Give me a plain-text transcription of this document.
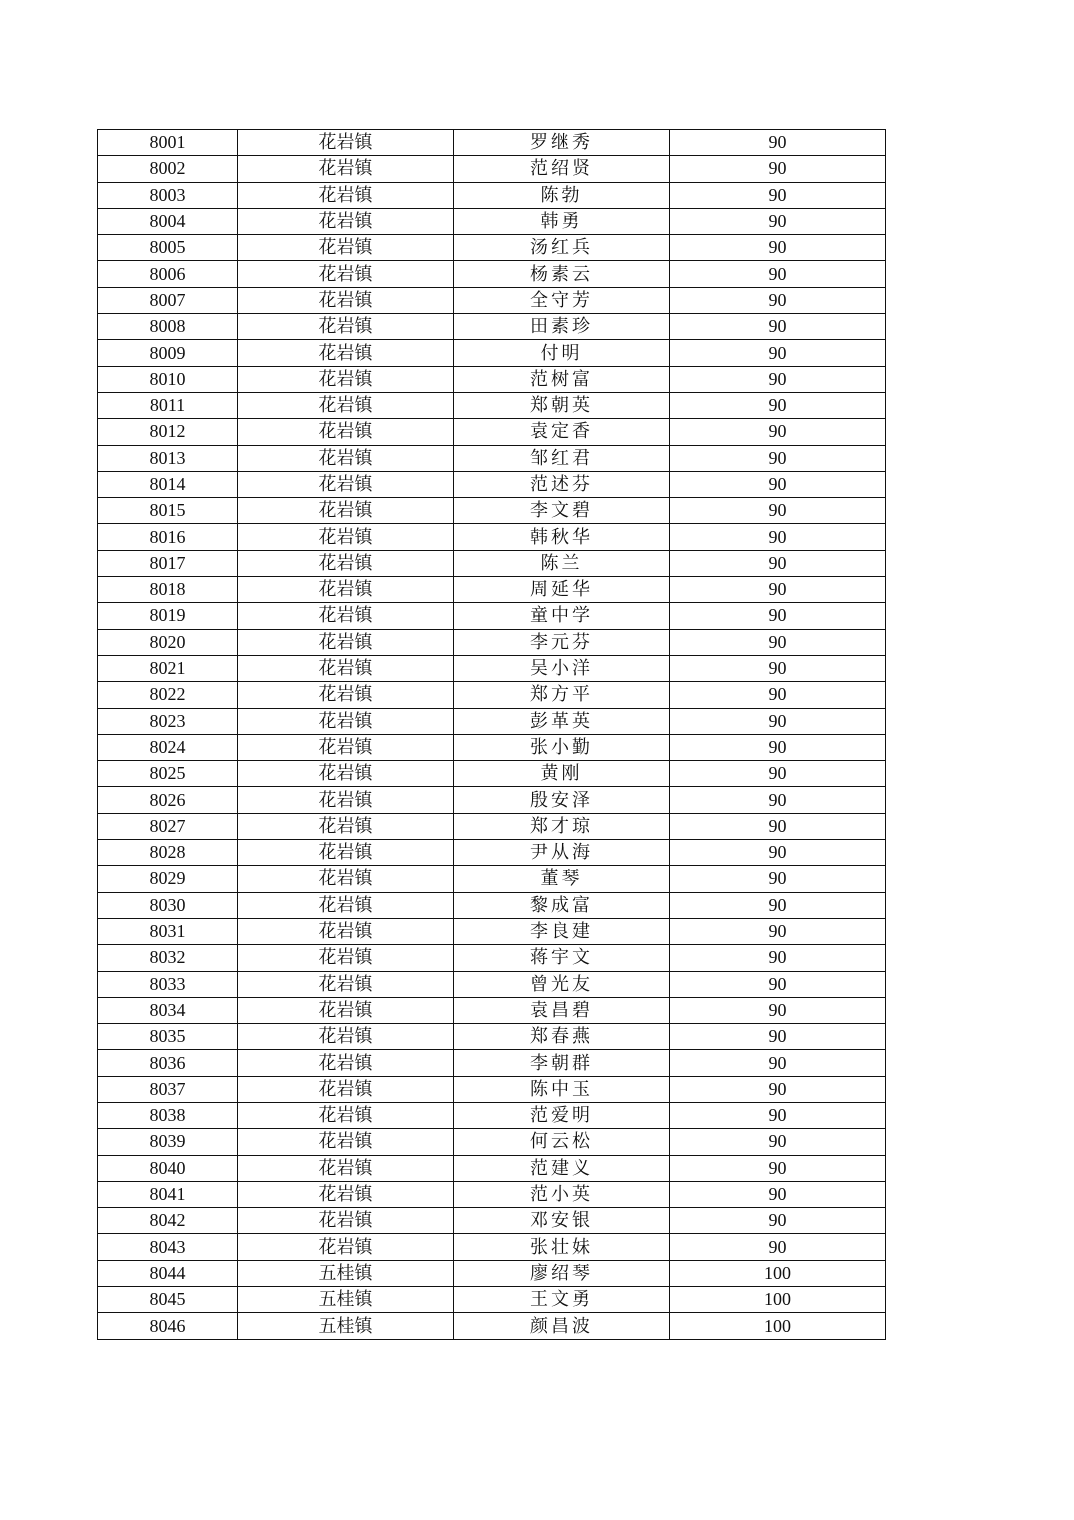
8001	花岩镇	罗继秀	90
8002	花岩镇	范绍贤	90
8003	花岩镇	陈勃	90
8004	花岩镇	韩勇	90
8005	花岩镇	汤红兵	90
8006	花岩镇	杨素云	90
8007	花岩镇	全守芳	90
8008	花岩镇	田素珍	90
8009	花岩镇	付明	90
8010	花岩镇	范树富	90
8011	花岩镇	郑朝英	90
8012	花岩镇	袁定香	90
8013	花岩镇	邹红君	90
8014	花岩镇	范述芬	90
8015	花岩镇	李文碧	90
8016	花岩镇	韩秋华	90
8017	花岩镇	陈兰	90
8018	花岩镇	周延华	90
8019	花岩镇	童中学	90
8020	花岩镇	李元芬	90
8021	花岩镇	吴小洋	90
8022	花岩镇	郑方平	90
8023	花岩镇	彭革英	90
8024	花岩镇	张小勤	90
8025	花岩镇	黄刚	90
8026	花岩镇	殷安泽	90
8027	花岩镇	郑才琼	90
8028	花岩镇	尹从海	90
8029	花岩镇	董琴	90
8030	花岩镇	黎成富	90
8031	花岩镇	李良建	90
8032	花岩镇	蒋宇文	90
8033	花岩镇	曾光友	90
8034	花岩镇	袁昌碧	90
8035	花岩镇	郑春燕	90
8036	花岩镇	李朝群	90
8037	花岩镇	陈中玉	90
8038	花岩镇	范爱明	90
8039	花岩镇	何云松	90
8040	花岩镇	范建义	90
8041	花岩镇	范小英	90
8042	花岩镇	邓安银	90
8043	花岩镇	张壮妹	90
8044	五桂镇	廖绍琴	100
8045	五桂镇	王文勇	100
8046	五桂镇	颜昌波	100
